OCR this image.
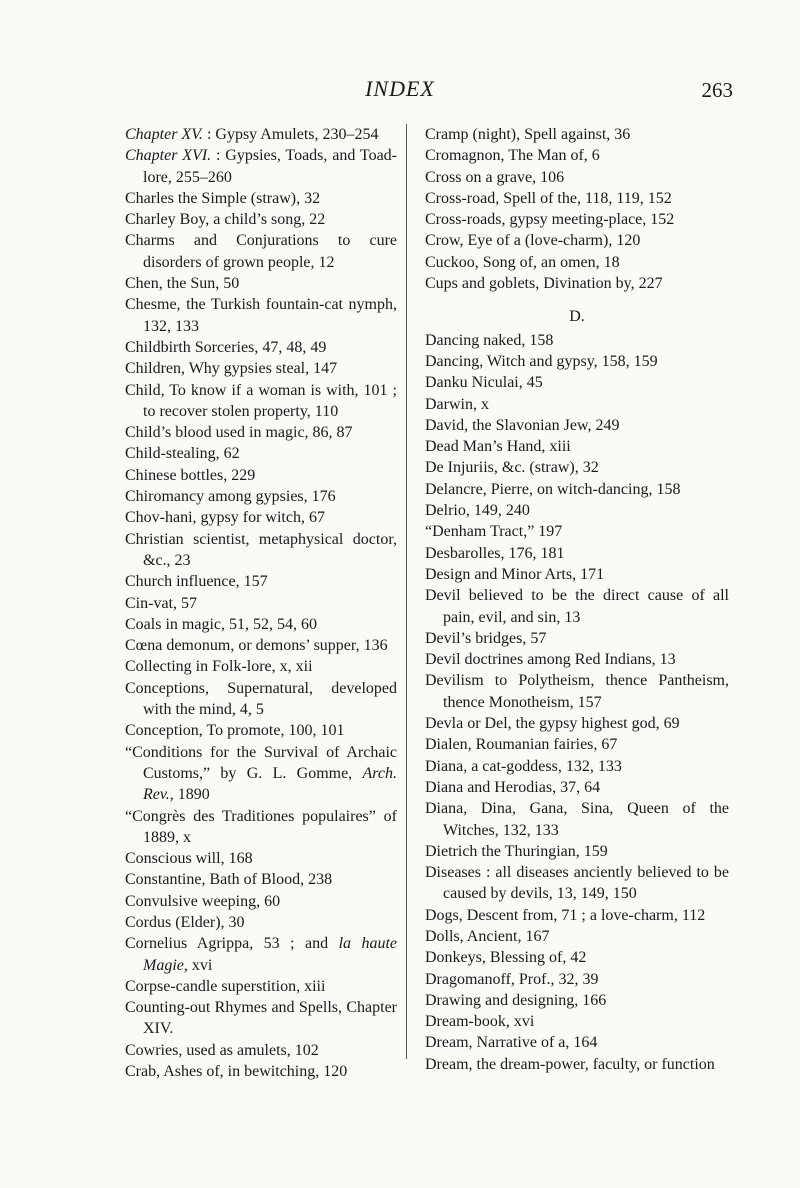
INDEX	263

Chapter XV. : Gypsy Amulets, 230–254

Chapter XVI. : Gypsies, Toads, and Toad-lore, 255–260

Charles the Simple (straw), 32

Charley Boy, a child’s song, 22

Charms and Conjurations to cure disorders of grown people, 12

Chen, the Sun, 50

Chesme, the Turkish fountain-cat nymph, 132, 133

Childbirth Sorceries, 47, 48, 49

Children, Why gypsies steal, 147

Child, To know if a woman is with, 101 ; to recover stolen property, 110

Child’s blood used in magic, 86, 87

Child-stealing, 62

Chinese bottles, 229

Chiromancy among gypsies, 176

Chov-hani, gypsy for witch, 67

Christian scientist, metaphysical doctor, &c., 23

Church influence, 157

Cin-vat, 57

Coals in magic, 51, 52, 54, 60

Cœna demonum, or demons’ supper, 136

Collecting in Folk-lore, x, xii

Conceptions, Supernatural, developed with the mind, 4, 5

Conception, To promote, 100, 101

“Conditions for the Survival of Archaic Customs,” by G. L. Gomme, Arch. Rev., 1890

“Congrès des Traditiones populaires” of 1889, x

Conscious will, 168

Constantine, Bath of Blood, 238

Convulsive weeping, 60

Cordus (Elder), 30

Cornelius Agrippa, 53 ; and la haute Magie, xvi

Corpse-candle superstition, xiii

Counting-out Rhymes and Spells, Chapter XIV.

Cowries, used as amulets, 102

Crab, Ashes of, in bewitching, 120

Cramp (night), Spell against, 36

Cromagnon, The Man of, 6

Cross on a grave, 106

Cross-road, Spell of the, 118, 119, 152

Cross-roads, gypsy meeting-place, 152

Crow, Eye of a (love-charm), 120

Cuckoo, Song of, an omen, 18

Cups and goblets, Divination by, 227

D.

Dancing naked, 158

Dancing, Witch and gypsy, 158, 159

Danku Niculai, 45

Darwin, x

David, the Slavonian Jew, 249

Dead Man’s Hand, xiii

De Injuriis, &c. (straw), 32

Delancre, Pierre, on witch-dancing, 158

Delrio, 149, 240

“Denham Tract,” 197

Desbarolles, 176, 181

Design and Minor Arts, 171

Devil believed to be the direct cause of all pain, evil, and sin, 13

Devil’s bridges, 57

Devil doctrines among Red Indians, 13

Devilism to Polytheism, thence Pantheism, thence Monotheism, 157

Devla or Del, the gypsy highest god, 69

Dialen, Roumanian fairies, 67

Diana, a cat-goddess, 132, 133

Diana and Herodias, 37, 64

Diana, Dina, Gana, Sina, Queen of the Witches, 132, 133

Dietrich the Thuringian, 159

Diseases : all diseases anciently believed to be caused by devils, 13, 149, 150

Dogs, Descent from, 71 ; a love-charm, 112

Dolls, Ancient, 167

Donkeys, Blessing of, 42

Dragomanoff, Prof., 32, 39

Drawing and designing, 166

Dream-book, xvi

Dream, Narrative of a, 164

Dream, the dream-power, faculty, or function
